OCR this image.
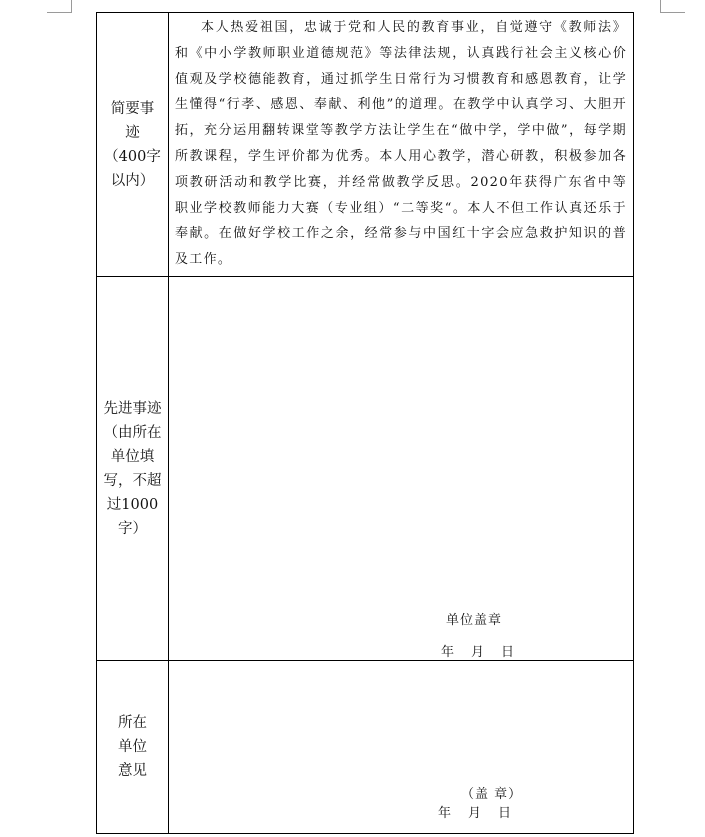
简要事
迹
（400字
以内）
本人热爱祖国，忠诚于党和人民的教育事业，自觉遵守《教师法》和《中小学教师职业道德规范》等法律法规，认真践行社会主义核心价值观及学校德能教育，通过抓学生日常行为习惯教育和感恩教育，让学生懂得“行孝、感恩、奉献、利他”的道理。在教学中认真学习、大胆开拓，充分运用翻转课堂等教学方法让学生在“做中学，学中做”，每学期所教课程，学生评价都为优秀。本人用心教学，潜心研教，积极参加各项教研活动和教学比赛，并经常做教学反思。2020年获得广东省中等职业学校教师能力大赛（专业组）“二等奖“。本人不但工作认真还乐于奉献。在做好学校工作之余，经常参与中国红十字会应急救护知识的普及工作。
先进事迹
（由所在
单位填
写，不超
过1000
字）
单位盖章
年 月 日
所在
单位
意见
（盖 章）
年 月 日
